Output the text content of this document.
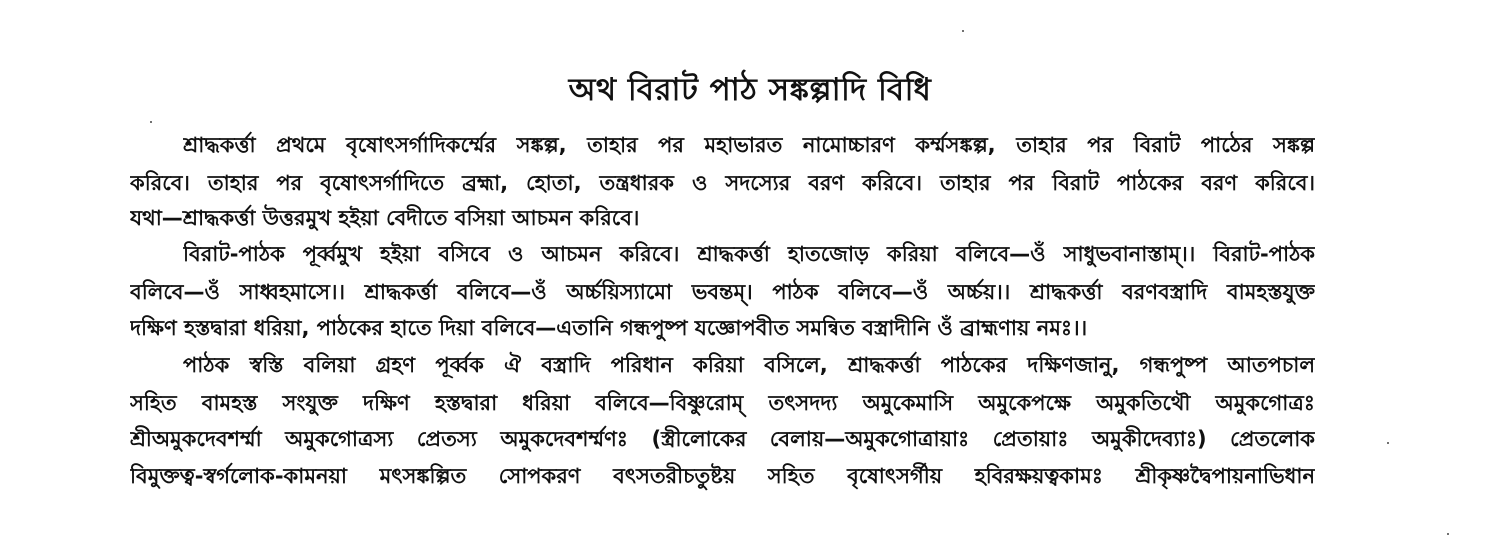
অথ বিরাট পাঠ সঙ্কল্পাদি বিধি
শ্রাদ্ধকর্ত্তা প্রথমে বৃষোৎসর্গাদিকর্ম্মের সঙ্কল্প, তাহার পর মহাভারত নামোচ্চারণ কর্ম্মসঙ্কল্প, তাহার পর বিরাট পাঠের সঙ্কল্প
করিবে। তাহার পর বৃষোৎসর্গাদিতে ব্রহ্মা, হোতা, তন্ত্রধারক ও সদস্যের বরণ করিবে। তাহার পর বিরাট পাঠকের বরণ করিবে।
যথা—শ্রাদ্ধকর্ত্তা উত্তরমুখ হইয়া বেদীতে বসিয়া আচমন করিবে।
বিরাট-পাঠক পূর্ব্বমুখ হইয়া বসিবে ও আচমন করিবে। শ্রাদ্ধকর্ত্তা হাতজোড় করিয়া বলিবে—ওঁ সাধুভবানাস্তাম্।। বিরাট-পাঠক
বলিবে—ওঁ সাধ্বহমাসে।। শ্রাদ্ধকর্ত্তা বলিবে—ওঁ অর্চ্চয়িস্যামো ভবন্তম্। পাঠক বলিবে—ওঁ অর্চ্চয়।। শ্রাদ্ধকর্ত্তা বরণবস্ত্রাদি বামহস্তযুক্ত
দক্ষিণ হস্তদ্বারা ধরিয়া, পাঠকের হাতে দিয়া বলিবে—এতানি গন্ধপুষ্প যজ্ঞোপবীত সমন্বিত বস্ত্রাদীনি ওঁ ব্রাহ্মণায় নমঃ।।
পাঠক স্বস্তি বলিয়া গ্রহণ পূর্ব্বক ঐ বস্ত্রাদি পরিধান করিয়া বসিলে, শ্রাদ্ধকর্ত্তা পাঠকের দক্ষিণজানু, গন্ধপুষ্প আতপচাল
সহিত বামহস্ত সংযুক্ত দক্ষিণ হস্তদ্বারা ধরিয়া বলিবে—বিষ্ণুরোম্ তৎসদদ্য অমুকেমাসি অমুকেপক্ষে অমুকতিথৌ অমুকগোত্রঃ
শ্রীঅমুকদেবশর্ম্মা অমুকগোত্রস্য প্রেতস্য অমুকদেবশর্ম্মণঃ (স্ত্রীলোকের বেলায়—অমুকগোত্রায়াঃ প্রেতায়াঃ অমুকীদেব্যাঃ) প্রেতলোক
বিমুক্তত্ব-স্বর্গলোক-কামনয়া মৎসঙ্কল্পিত সোপকরণ বৎসতরীচতুষ্টয় সহিত বৃষোৎসর্গীয় হবিরক্ষয়ত্বকামঃ শ্রীকৃষ্ণদ্বৈপায়নাভিধান
